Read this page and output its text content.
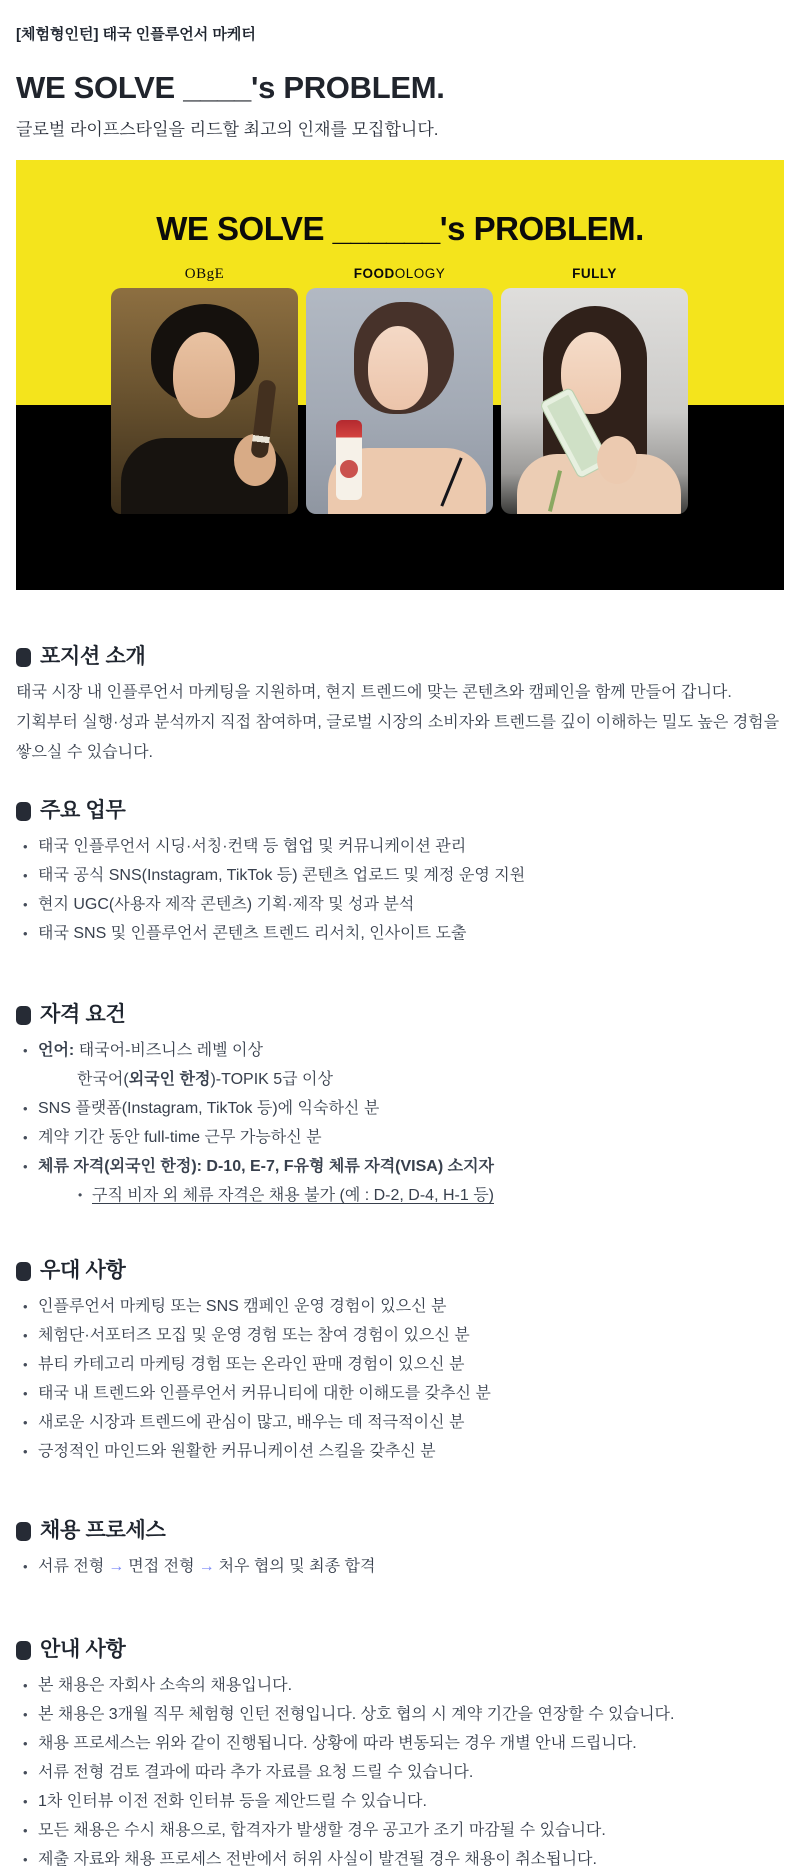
[체험형인턴] 태국 인플루언서 마케터
WE SOLVE ____'s PROBLEM.

글로벌 라이프스타일을 리드할 최고의 인재를 모집합니다.

WE SOLVE ______'s PROBLEM.
OBgE	FOODOLOGY	FULLY
포지션 소개

태국 시장 내 인플루언서 마케팅을 지원하며, 현지 트렌드에 맞는 콘텐츠와 캠페인을 함께 만들어 갑니다.

기획부터 실행·성과 분석까지 직접 참여하며, 글로벌 시장의 소비자와 트렌드를 깊이 이해하는 밀도 높은 경험을 쌓으실 수 있습니다.

주요 업무
• 태국 인플루언서 시딩·서칭·컨택 등 협업 및 커뮤니케이션 관리
• 태국 공식 SNS(Instagram, TikTok 등) 콘텐츠 업로드 및 계정 운영 지원
• 현지 UGC(사용자 제작 콘텐츠) 기획·제작 및 성과 분석
• 태국 SNS 및 인플루언서 콘텐츠 트렌드 리서치, 인사이트 도출
자격 요건
• 언어: 태국어-비즈니스 레벨 이상
한국어(외국인 한정)-TOPIK 5급 이상
• SNS 플랫폼(Instagram, TikTok 등)에 익숙하신 분
• 계약 기간 동안 full-time 근무 가능하신 분
• 체류 자격(외국인 한정): D-10, E-7, F유형 체류 자격(VISA) 소지자
• 구직 비자 외 체류 자격은 채용 불가 (예 : D-2, D-4, H-1 등)
우대 사항
• 인플루언서 마케팅 또는 SNS 캠페인 운영 경험이 있으신 분
• 체험단·서포터즈 모집 및 운영 경험 또는 참여 경험이 있으신 분
• 뷰티 카테고리 마케팅 경험 또는 온라인 판매 경험이 있으신 분
• 태국 내 트렌드와 인플루언서 커뮤니티에 대한 이해도를 갖추신 분
• 새로운 시장과 트렌드에 관심이 많고, 배우는 데 적극적이신 분
• 긍정적인 마인드와 원활한 커뮤니케이션 스킬을 갖추신 분
채용 프로세스
• 서류 전형 → 면접 전형 → 처우 협의 및 최종 합격
안내 사항
• 본 채용은 자회사 소속의 채용입니다.
• 본 채용은 3개월 직무 체험형 인턴 전형입니다. 상호 협의 시 계약 기간을 연장할 수 있습니다.
• 채용 프로세스는 위와 같이 진행됩니다. 상황에 따라 변동되는 경우 개별 안내 드립니다.
• 서류 전형 검토 결과에 따라 추가 자료를 요청 드릴 수 있습니다.
• 1차 인터뷰 이전 전화 인터뷰 등을 제안드릴 수 있습니다.
• 모든 채용은 수시 채용으로, 합격자가 발생할 경우 공고가 조기 마감될 수 있습니다.
• 제출 자료와 채용 프로세스 전반에서 허위 사실이 발견될 경우 채용이 취소됩니다.
